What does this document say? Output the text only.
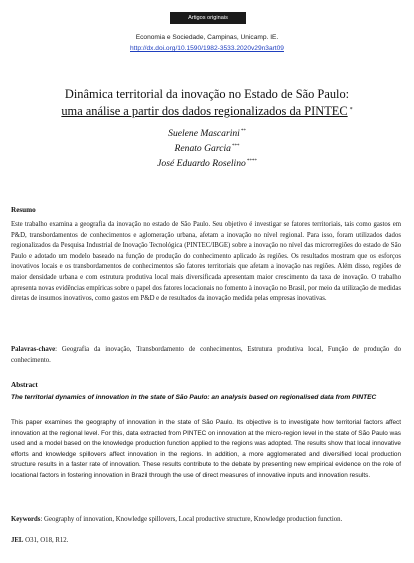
Artigos originais
Economia e Sociedade, Campinas, Unicamp. IE.
http://dx.doi.org/10.1590/1982-3533.2020v29n3art09
Dinâmica territorial da inovação no Estado de São Paulo:
uma análise a partir dos dados regionalizados da PINTEC *
Suelene Mascarini**
Renato Garcia***
José Eduardo Roselino****
Resumo
Este trabalho examina a geografia da inovação no estado de São Paulo. Seu objetivo é investigar se fatores territoriais, tais como gastos em P&D, transbordamentos de conhecimentos e aglomeração urbana, afetam a inovação no nível regional. Para isso, foram utilizados dados regionalizados da Pesquisa Industrial de Inovação Tecnológica (PINTEC/IBGE) sobre a inovação no nível das microrregiões do estado de São Paulo e adotado um modelo baseado na função de produção do conhecimento aplicado às regiões. Os resultados mostram que os esforços inovativos locais e os transbordamentos de conhecimentos são fatores territoriais que afetam a inovação nas regiões. Além disso, regiões de maior densidade urbana e com estrutura produtiva local mais diversificada apresentam maior crescimento da taxa de inovação. O trabalho apresenta novas evidências empíricas sobre o papel dos fatores locacionais no fomento à inovação no Brasil, por meio da utilização de medidas diretas de insumos inovativos, como gastos em P&D e de resultados da inovação medida pelas empresas inovativas.
Palavras-chave: Geografia da inovação, Transbordamento de conhecimentos, Estrutura produtiva local, Função de produção do conhecimento.
Abstract
The territorial dynamics of innovation in the state of São Paulo: an analysis based on regionalised data from PINTEC
This paper examines the geography of innovation in the state of São Paulo. Its objective is to investigate how territorial factors affect innovation at the regional level. For this, data extracted from PINTEC on innovation at the micro-region level in the state of São Paulo was used and a model based on the knowledge production function applied to the regions was adopted. The results show that local innovative efforts and knowledge spillovers affect innovation in the regions. In addition, a more agglomerated and diversified local production structure results in a faster rate of innovation. These results contribute to the debate by presenting new empirical evidence on the role of locational factors in fostering innovation in Brazil through the use of direct measures of innovative inputs and innovation results.
Keywords: Geography of innovation, Knowledge spillovers, Local productive structure, Knowledge production function.
JEL O31, O18, R12.
